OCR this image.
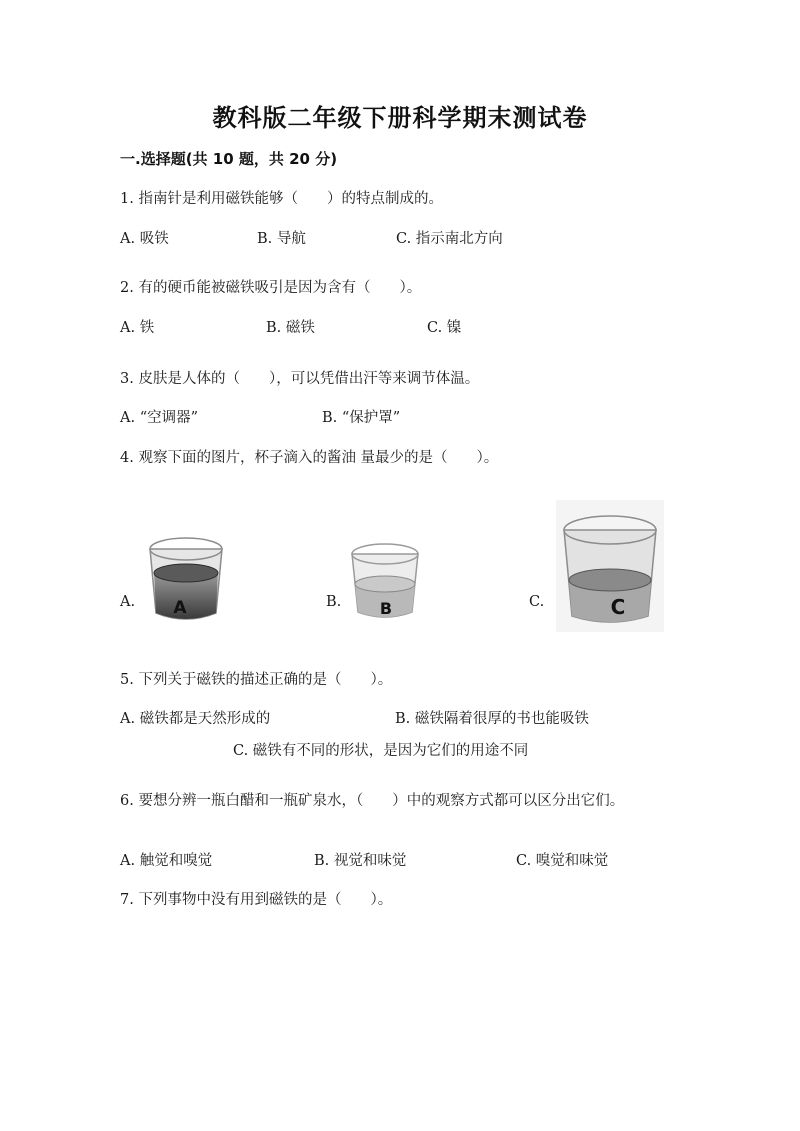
教科版二年级下册科学期末测试卷
一.选择题(共 10 题，共 20 分)
1. 指南针是利用磁铁能够（　　）的特点制成的。
A. 吸铁	B. 导航	C. 指示南北方向
2. 有的硬币能被磁铁吸引是因为含有（　　）。
A. 铁	B. 磁铁	C. 镍
3. 皮肤是人体的（　　），可以凭借出汗等来调节体温。
A. “空调器”	B. “保护罩”
4. 观察下面的图片，杯子滴入的酱油 量最少的是（　　）。
A. A	B. B	C.	C
5. 下列关于磁铁的描述正确的是（　　）。
A. 磁铁都是天然形成的	B. 磁铁隔着很厚的书也能吸铁
C. 磁铁有不同的形状，是因为它们的用途不同
6. 要想分辨一瓶白醋和一瓶矿泉水，（　　）中的观察方式都可以区分出它们。
A. 触觉和嗅觉	B. 视觉和味觉	C. 嗅觉和味觉
7. 下列事物中没有用到磁铁的是（　　）。
